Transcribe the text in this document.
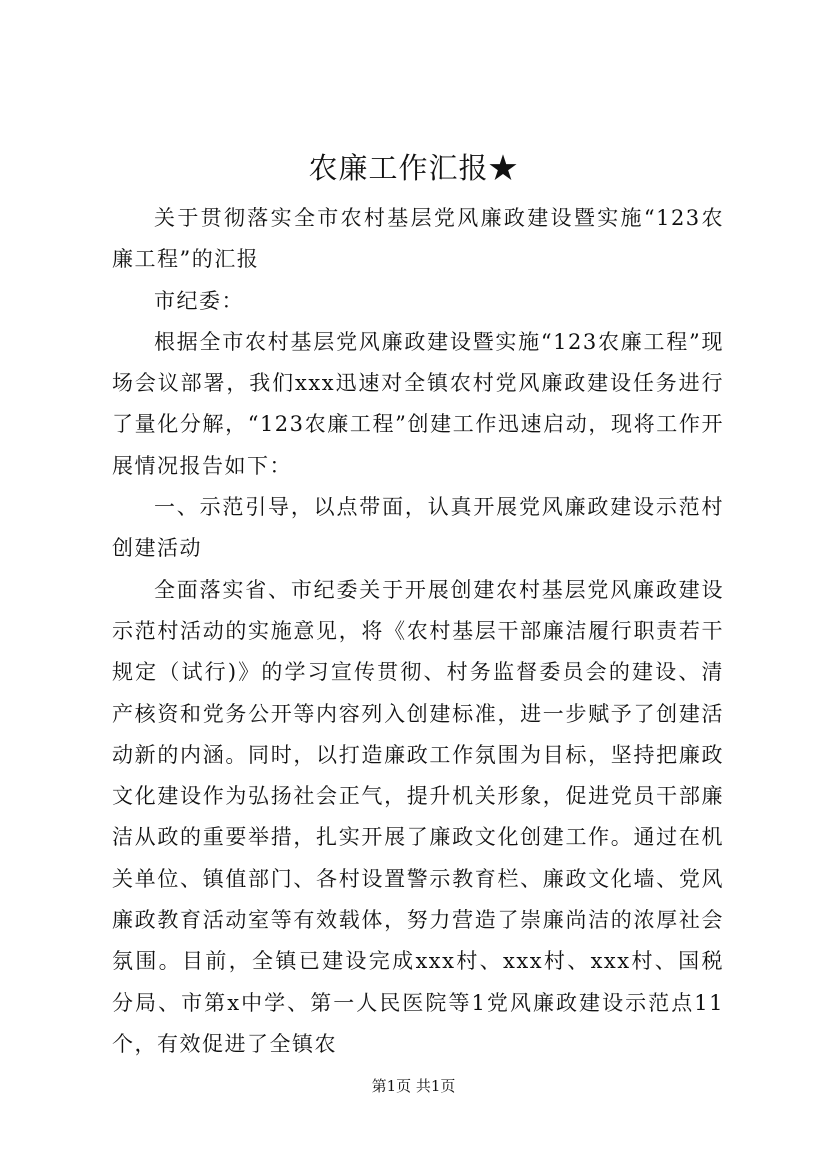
农廉工作汇报★

关于贯彻落实全市农村基层党风廉政建设暨实施“123农廉工程”的汇报

市纪委：

根据全市农村基层党风廉政建设暨实施“123农廉工程”现场会议部署，我们xxx迅速对全镇农村党风廉政建设任务进行了量化分解，“123农廉工程”创建工作迅速启动，现将工作开展情况报告如下：

一、示范引导，以点带面，认真开展党风廉政建设示范村创建活动

全面落实省、市纪委关于开展创建农村基层党风廉政建设示范村活动的实施意见，将《农村基层干部廉洁履行职责若干规定（试行)》的学习宣传贯彻、村务监督委员会的建设、清产核资和党务公开等内容列入创建标准，进一步赋予了创建活动新的内涵。同时，以打造廉政工作氛围为目标，坚持把廉政文化建设作为弘扬社会正气，提升机关形象，促进党员干部廉洁从政的重要举措，扎实开展了廉政文化创建工作。通过在机关单位、镇值部门、各村设置警示教育栏、廉政文化墙、党风廉政教育活动室等有效载体，努力营造了崇廉尚洁的浓厚社会氛围。目前，全镇已建设完成xxx村、xxx村、xxx村、国税分局、市第x中学、第一人民医院等1党风廉政建设示范点11个，有效促进了全镇农

第1页 共1页
